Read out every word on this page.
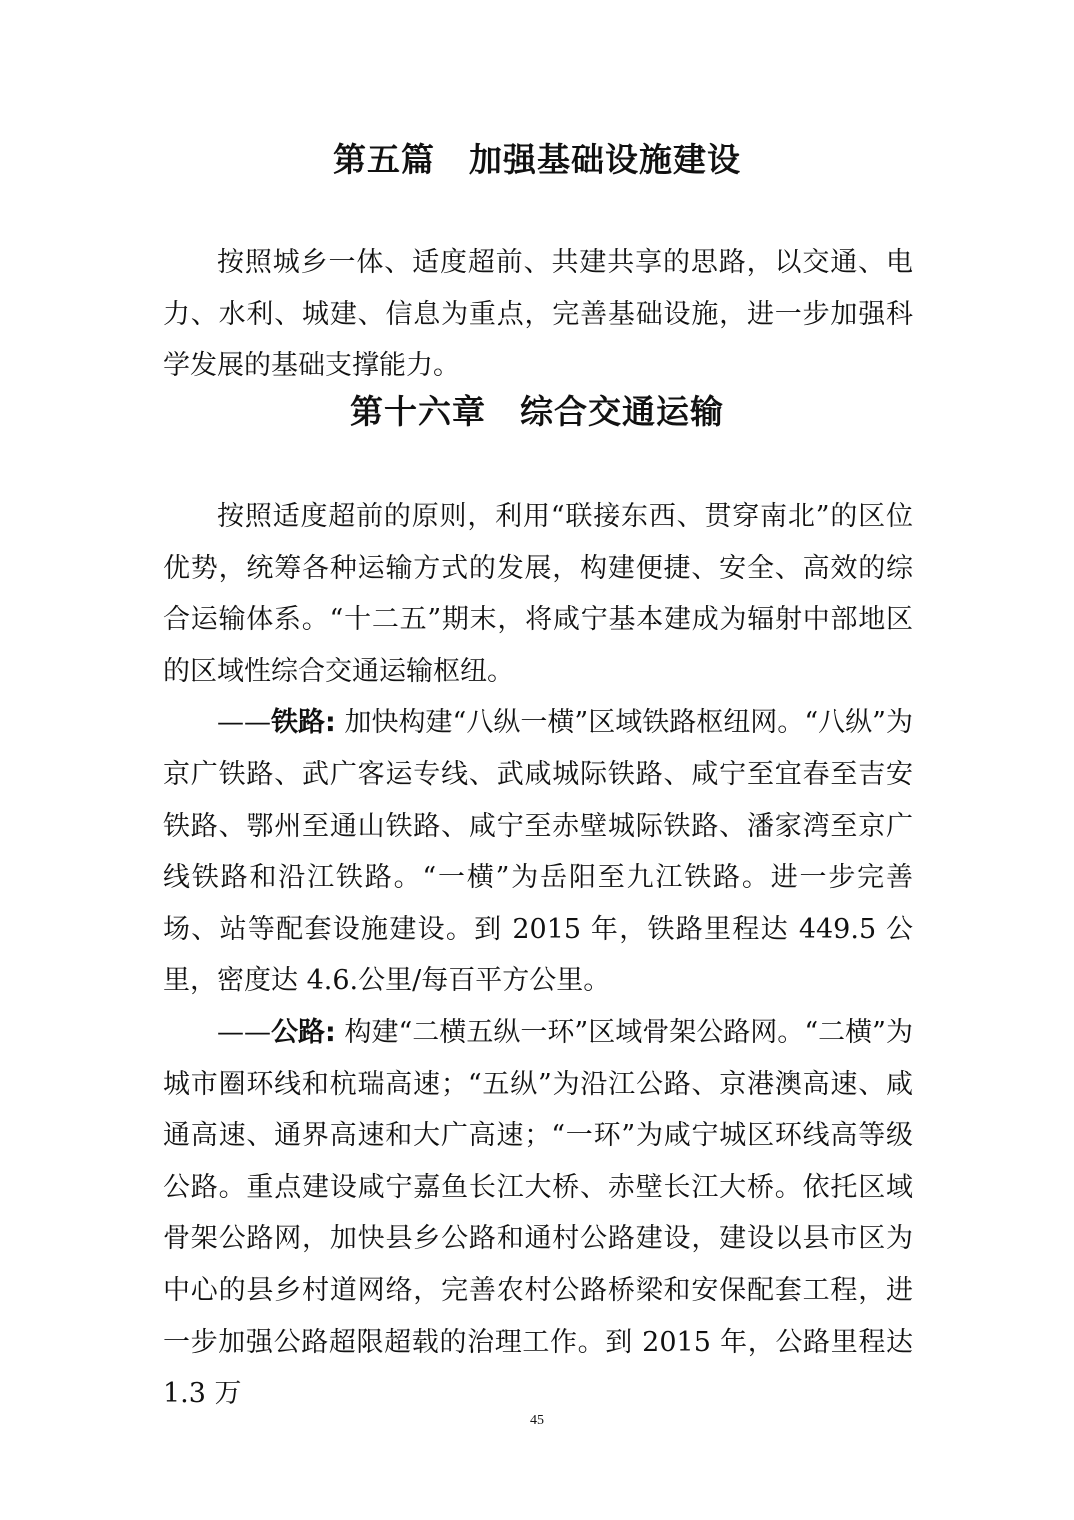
第五篇　加强基础设施建设

按照城乡一体、适度超前、共建共享的思路，以交通、电力、水利、城建、信息为重点，完善基础设施，进一步加强科学发展的基础支撑能力。

第十六章　综合交通运输

按照适度超前的原则，利用“联接东西、贯穿南北”的区位优势，统筹各种运输方式的发展，构建便捷、安全、高效的综合运输体系。“十二五”期末，将咸宁基本建成为辐射中部地区的区域性综合交通运输枢纽。

——铁路: 加快构建“八纵一横”区域铁路枢纽网。“八纵”为京广铁路、武广客运专线、武咸城际铁路、咸宁至宜春至吉安铁路、鄂州至通山铁路、咸宁至赤壁城际铁路、潘家湾至京广线铁路和沿江铁路。“一横”为岳阳至九江铁路。进一步完善场、站等配套设施建设。到 2015 年，铁路里程达 449.5 公里，密度达 4.6.公里/每百平方公里。

——公路: 构建“二横五纵一环”区域骨架公路网。“二横”为城市圈环线和杭瑞高速；“五纵”为沿江公路、京港澳高速、咸通高速、通界高速和大广高速；“一环”为咸宁城区环线高等级公路。重点建设咸宁嘉鱼长江大桥、赤壁长江大桥。依托区域骨架公路网，加快县乡公路和通村公路建设，建设以县市区为中心的县乡村道网络，完善农村公路桥梁和安保配套工程，进一步加强公路超限超载的治理工作。到 2015 年，公路里程达 1.3 万

45
